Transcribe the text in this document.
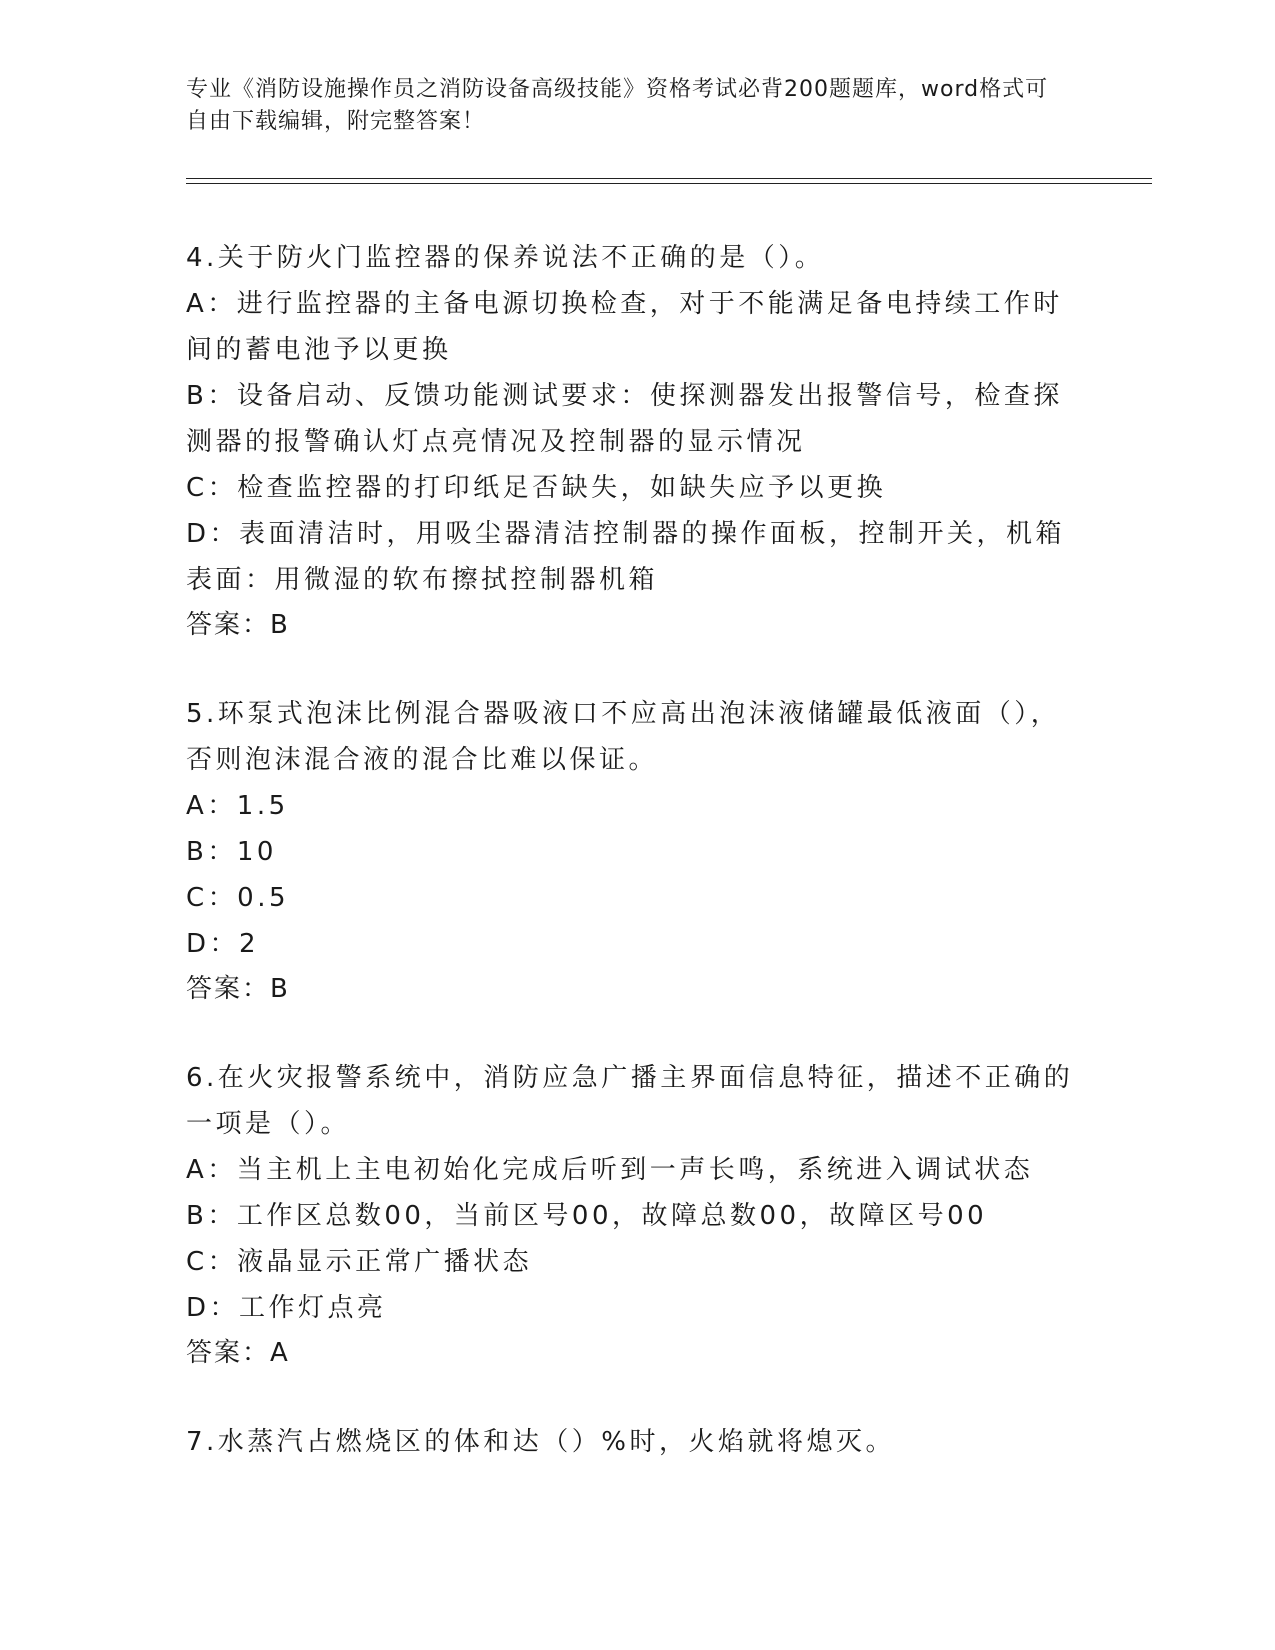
专业《消防设施操作员之消防设备高级技能》资格考试必背200题题库，word格式可自由下载编辑，附完整答案！

4.关于防火门监控器的保养说法不正确的是（）。

A：进行监控器的主备电源切换检查，对于不能满足备电持续工作时间的蓄电池予以更换

B：设备启动、反馈功能测试要求：使探测器发出报警信号，检查探测器的报警确认灯点亮情况及控制器的显示情况

C：检查监控器的打印纸足否缺失，如缺失应予以更换

D：表面清洁时，用吸尘器清洁控制器的操作面板，控制开关，机箱表面：用微湿的软布擦拭控制器机箱

答案：B

5.环泵式泡沫比例混合器吸液口不应高出泡沫液储罐最低液面（），否则泡沫混合液的混合比难以保证。

A：1.5

B：10

C：0.5

D：2

答案：B

6.在火灾报警系统中，消防应急广播主界面信息特征，描述不正确的一项是（）。

A：当主机上主电初始化完成后听到一声长鸣，系统进入调试状态

B：工作区总数00，当前区号00，故障总数00，故障区号00

C：液晶显示正常广播状态

D：工作灯点亮

答案：A

7.水蒸汽占燃烧区的体和达（）%时，火焰就将熄灭。
